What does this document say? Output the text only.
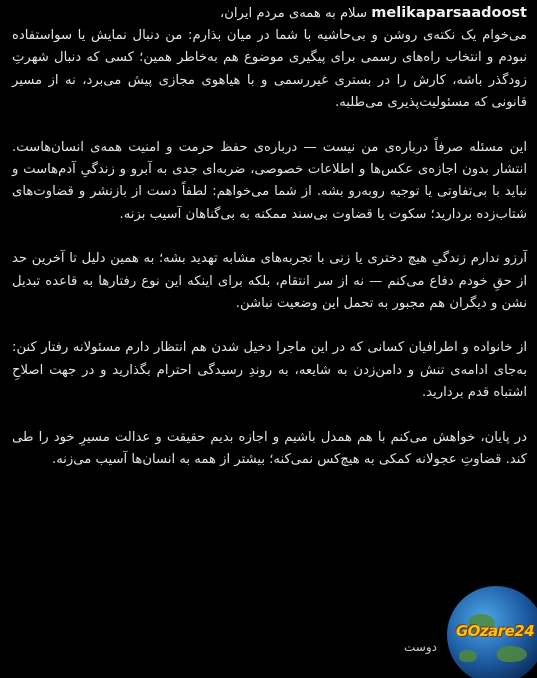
melikaparsaadoost سلام به همه‌ی مردم ایران،

می‌خوام یک نکته‌ی روشن و بی‌حاشیه با شما در میان بذارم: من دنبال نمایش یا سواستفاده نبودم و انتخاب راه‌های رسمی برای پیگیری موضوع هم به‌خاطر همین؛ کسی که دنبال شهرتِ زودگذر باشه، کارش را در بستری غیررسمی و با هیاهوی مجازی پیش می‌برد، نه از مسیر قانونی که مسئولیت‌پذیری می‌طلبه.

این مسئله صرفاً درباره‌ی من نیست — درباره‌ی حفظ حرمت و امنیت همه‌ی انسان‌هاست. انتشار بدون اجازه‌ی عکس‌ها و اطلاعات خصوصی، ضربه‌ای جدی به آبرو و زندگیِ آدم‌هاست و نباید با بی‌تفاوتی یا توجیه روبه‌رو بشه. از شما می‌خواهم: لطفاً دست از بازنشر و قضاوت‌های شتاب‌زده بردارید؛ سکوت یا قضاوت بی‌سند ممکنه به بی‌گناهان آسیب بزنه.

آرزو ندارم زندگیِ هیچ دختری یا زنی با تجربه‌های مشابه تهدید بشه؛ به همین دلیل تا آخرین حد از حقِ خودم دفاع می‌کنم — نه از سر انتقام، بلکه برای اینکه این نوع رفتارها به قاعده تبدیل نشن و دیگران هم مجبور به تحمل این وضعیت نباشن.

از خانواده و اطرافیان کسانی که در این ماجرا دخیل شدن هم انتظار دارم مسئولانه رفتار کنن: به‌جای ادامه‌ی تنش و دامن‌زدن به شایعه، به روندِ رسیدگی احترام بگذارید و در جهت اصلاحِ اشتباه قدم بردارید.

در پایان، خواهش می‌کنم با هم همدل باشیم و اجازه بدیم حقیقت و عدالت مسیرِ خود را طی کند. قضاوتِ عجولانه کمکی به هیچ‌کس نمی‌کنه؛ بیشتر از همه به انسان‌ها آسیب می‌زنه.

دوست
GOzare24
